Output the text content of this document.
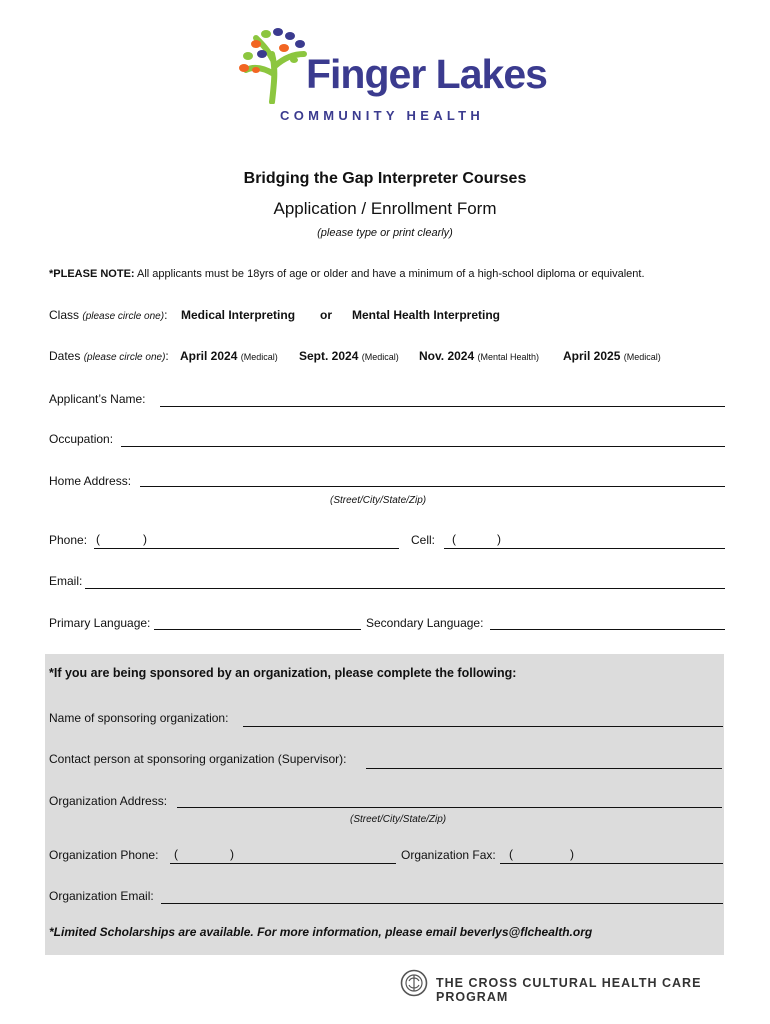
Finger Lakes
COMMUNITY HEALTH
Bridging the Gap Interpreter Courses
Application / Enrollment Form
(please type or print clearly)
*PLEASE NOTE: All applicants must be 18yrs of age or older and have a minimum of a high-school diploma or equivalent.
Class (please circle one): Medical Interpreting or Mental Health Interpreting
Dates (please circle one): April 2024 (Medical) Sept. 2024 (Medical) Nov. 2024 (Mental Health) April 2025 (Medical)
Applicant’s Name:
Occupation:
Home Address:
(Street/City/State/Zip)
Phone: (	)	Cell: (	)
Email:
Primary Language:	Secondary Language:
*If you are being sponsored by an organization, please complete the following:
Name of sponsoring organization:
Contact person at sponsoring organization (Supervisor):
Organization Address:
(Street/City/State/Zip)
Organization Phone: (	)	Organization Fax: (	)
Organization Email:
*Limited Scholarships are available. For more information, please email beverlys@flchealth.org
THE CROSS CULTURAL HEALTH CARE PROGRAM
